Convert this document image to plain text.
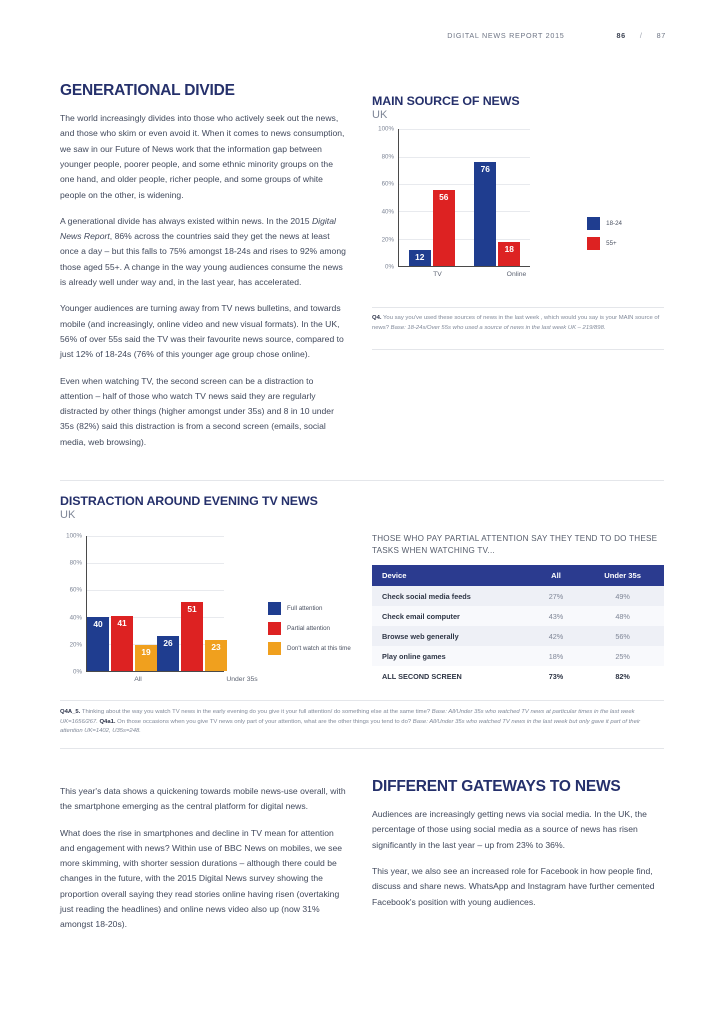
DIGITAL NEWS REPORT 2015	86 / 87
GENERATIONAL DIVIDE

The world increasingly divides into those who actively seek out the news, and those who skim or even avoid it. When it comes to news consumption, we saw in our Future of News work that the information gap between younger people, poorer people, and some ethnic minority groups on the one hand, and older people, richer people, and some groups of white people on the other, is widening.

A generational divide has always existed within news. In the 2015 Digital News Report, 86% across the countries said they get the news at least once a day – but this falls to 75% amongst 18-24s and rises to 92% among those aged 55+. A change in the way young audiences consume the news is already well under way and, in the last year, has accelerated.

Younger audiences are turning away from TV news bulletins, and towards mobile (and increasingly, online video and new visual formats). In the UK, 56% of over 55s said the TV was their favourite news source, compared to just 12% of 18-24s (76% of this younger age group chose online).

Even when watching TV, the second screen can be a distraction to attention – half of those who watch TV news said they are regularly distracted by other things (higher amongst under 35s) and 8 in 10 under 35s (82%) said this distraction is from a second screen (emails, social media, web browsing).

MAIN SOURCE OF NEWS
UK
100%
80%
60%
40%
20%
0%
12
56
76
18
TV	Online
18-24
55+
Q4. You say you've used these sources of news in the last week , which would you say is your MAIN source of news? Base: 18-24s/Over 55s who used a source of news in the last week UK – 219/898.
DISTRACTION AROUND EVENING TV NEWS
UK
100%
80%
60%
40%
20%
0%
40 41
19
26
51
23
All	Under 35s
Full attention
Partial attention
Don't watch at this time
THOSE WHO PAY PARTIAL ATTENTION SAY THEY TEND TO DO THESE TASKS WHEN WATCHING TV...
Device	All	Under 35s
Check social media feeds	27%	49%
Check email computer	43%	48%
Browse web generally	42%	56%
Play online games	18%	25%
ALL SECOND SCREEN	73%	82%
Q4A_5. Thinking about the way you watch TV news in the early evening do you give it your full attention/ do something else at the same time? Base: All/Under 35s who watched TV news at particular times in the last week UK=1656/267. Q4a1. On those occasions when you give TV news only part of your attention, what are the other things you tend to do? Base: All/Under 35s who watched TV news in the last week but only gave it part of their attention UK=1402, U35s=248.

This year's data shows a quickening towards mobile news-use overall, with the smartphone emerging as the central platform for digital news.

What does the rise in smartphones and decline in TV mean for attention and engagement with news? Within use of BBC News on mobiles, we see more skimming, with shorter session durations – although there could be changes in the future, with the 2015 Digital News survey showing the proportion overall saying they read stories online having risen (overtaking just reading the headlines) and online news video also up (now 31% amongst 18-20s).

DIFFERENT GATEWAYS TO NEWS

Audiences are increasingly getting news via social media. In the UK, the percentage of those using social media as a source of news has risen significantly in the last year – up from 23% to 36%.

This year, we also see an increased role for Facebook in how people find, discuss and share news. WhatsApp and Instagram have further cemented Facebook's position with young audiences.
